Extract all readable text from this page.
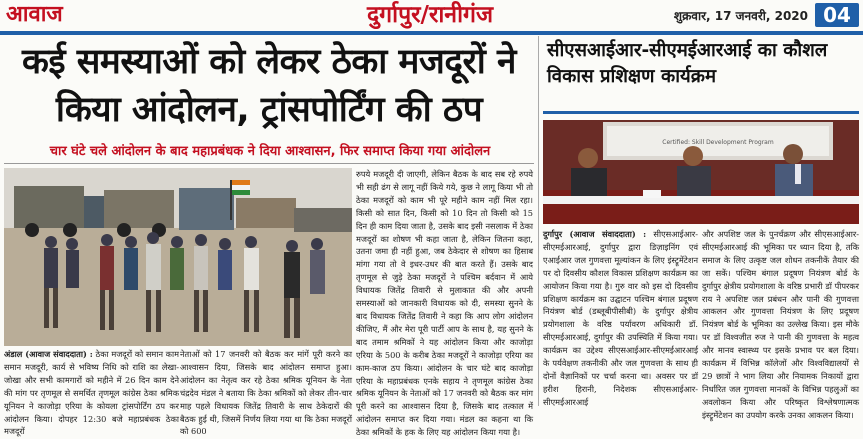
आवाज	दुर्गापुर/रानीगंज	शुक्रवार, 17 जनवरी, 2020 04
कई समस्याओं को लेकर ठेका मजदूरों ने किया आंदोलन, ट्रांसपोर्टिंग की ठप
चार घंटे चले आंदोलन के बाद महाप्रबंधक ने दिया आश्वासन, फिर समाप्त किया गया आंदोलन
अंडाल (आवाज संवाददाता) : ठेका मजदूरों को समान काम समान मजदूरी, कार्य से भविष्य निधि को राशि का लेखा-जोखा और सभी कामगारों को महीने में 26 दिन काम देने की मांग पर तृणमूल से समर्थित तृणमूल कांग्रेस ठेका श्रमिक यूनियन ने काजोड़ा एरिया के कोयला ट्रांसपोर्टिंग ठप कर आंदोलन किया। दोपहर 12:30 बजे महाप्रबंधक ठेका मजदूरों
नेताओं को 17 जनवरी को बैठक कर मांगें पूरी करने का आश्वासन दिया, जिसके बाद आंदोलन समाप्त हुआ। आंदोलन का नेतृत्व कर रहे ठेका श्रमिक यूनियन के नेता चंद्रदेव मंडल ने बताया कि ठेका श्रमिकों को लेकर तीन-चार माह पहले विधायक जितेंद्र तिवारी के साथ ठेकेदारों की बैठक हुई थी, जिसमें निर्णय लिया गया था कि ठेका मजदूरों को 600
रुपये मजदूरी दी जाएगी, लेकिन बैठक के बाद सब रहे रुपये भी सही ढंग से लागू नहीं किये गये, कुछ ने लागू किया भी तो ठेका मजदूरों को काम भी पूरे महीने काम नहीं मिल रहा। किसी को सात दिन, किसी को 10 दिन तो किसी को 15 दिन ही काम दिया जाता है, उसके बाद इसी नसलाक में ठेका मजदूरों का शोषण भी कहा जाता है, लेकिन जितना कहा, उतना जमा ही नहीं हुआ, जब ठेकेदार से शोषण का हिसाब मांगा गया तो वे इधर-उधर की बात करते हैं। उसके बाद तृणमूल से जुड़े ठेका मजदूरों ने पश्चिम बर्दवान में आये विधायक जितेंद्र तिवारी से मुलाकात की और अपनी समस्याओं को जानकारी विधायक को दी, समस्या सुनने के बाद विधायक जितेंद्र तिवारी ने कहा कि आप लोग आंदोलन कीजिए, मैं और मेरा पूरी पार्टी आप के साथ है, यह सुनने के बाद तमाम श्रमिकों ने यह आंदोलन किया और काजोड़ा एरिया के 500 के करीब ठेका मजदूरों ने काजोड़ा एरिया का काम-काज ठप किया। आंदोलन के चार घंटे बाद काजोड़ा एरिया के महाप्रबंधक एनके सहाय ने तृणमूल कांग्रेस ठेका श्रमिक यूनियन के नेताओं को 17 जनवरी को बैठक कर मांग पूरी करने का आश्वासन दिया है, जिसके बाद तत्काल में आंदोलन समाप्त कर दिया गया। मंडल का कहना था कि ठेका श्रमिकों के हक के लिए यह आंदोलन किया गया है।
सीएसआईआर-सीएमईआरआई का कौशल विकास प्रशिक्षण कार्यक्रम
Certified: Skill Development Program
दुर्गापुर (आवाज संवाददाता) : सीएसआईआर-सीएमईआरआई, दुर्गापुर द्वारा डिज़ाइनिंग एवं एआईआर जल गुणवत्ता मूल्यांकन के लिए इंस्ट्रूमेंटेशन पर दो दिवसीय कौशल विकास प्रशिक्षण कार्यक्रम का आयोजन किया गया है। गुरु वार को इस दो दिवसीय प्रशिक्षण कार्यक्रम का उद्घाटन पश्चिम बंगाल प्रदूषण नियंत्रण बोर्ड (डब्लूबीपीसीबी) के दुर्गापुर क्षेत्रीय प्रयोगशाला के वरिष्ठ पर्यावरण अधिकारी डॉ. सीएमईआरआई, दुर्गापुर की उपस्थिति में किया गया। कार्यक्रम का उद्देश्य सीएसआईआर-सीएमईआरआई के पर्यवेक्षण तकनीकी और जल गुणवत्ता के साथ ही दोनों वैज्ञानिकों पर चर्चा करना था। अवसर पर डॉ हरीश हिरानी, निदेशक सीएसआईआर-सीएमईआरआई
और अपशिष्ट जल के पुनर्चक्रण और सीएसआईआर-सीएमईआरआई की भूमिका पर ध्यान दिया है, तकि समाज के लिए उत्कृष्ट जल शोधन तकनीकें तैयार की जा सकें। पश्चिम बंगाल प्रदूषण नियंत्रण बोर्ड के दुर्गापुर क्षेत्रीय प्रयोगशाला के वरिष्ठ प्रभारी डॉ पीपरकर राय ने अपशिष्ट जल प्रबंधन और पानी की गुणवत्ता आकलन और गुणवत्ता नियंत्रण के लिए प्रदूषण नियंत्रण बोर्ड के भूमिका का उल्लेख किया। इस मौके पर डॉ विश्वजीत रुज ने पानी की गुणवत्ता के महत्व और मानव स्वास्थ्य पर इसके प्रभाव पर बल दिया। कार्यक्रम में विभिन्न कॉलेजों और विश्वविद्यालयों से 29 छात्रों ने भाग लिया और नियामक निकायों द्वारा निर्धारित जल गुणवत्ता मानकों के विभिन्न पहलुओं का अवलोकन किया और परिष्कृत विश्लेषणात्मक इंस्ट्रूमेंटेशन का उपयोग करके उनका आकलन किया।
